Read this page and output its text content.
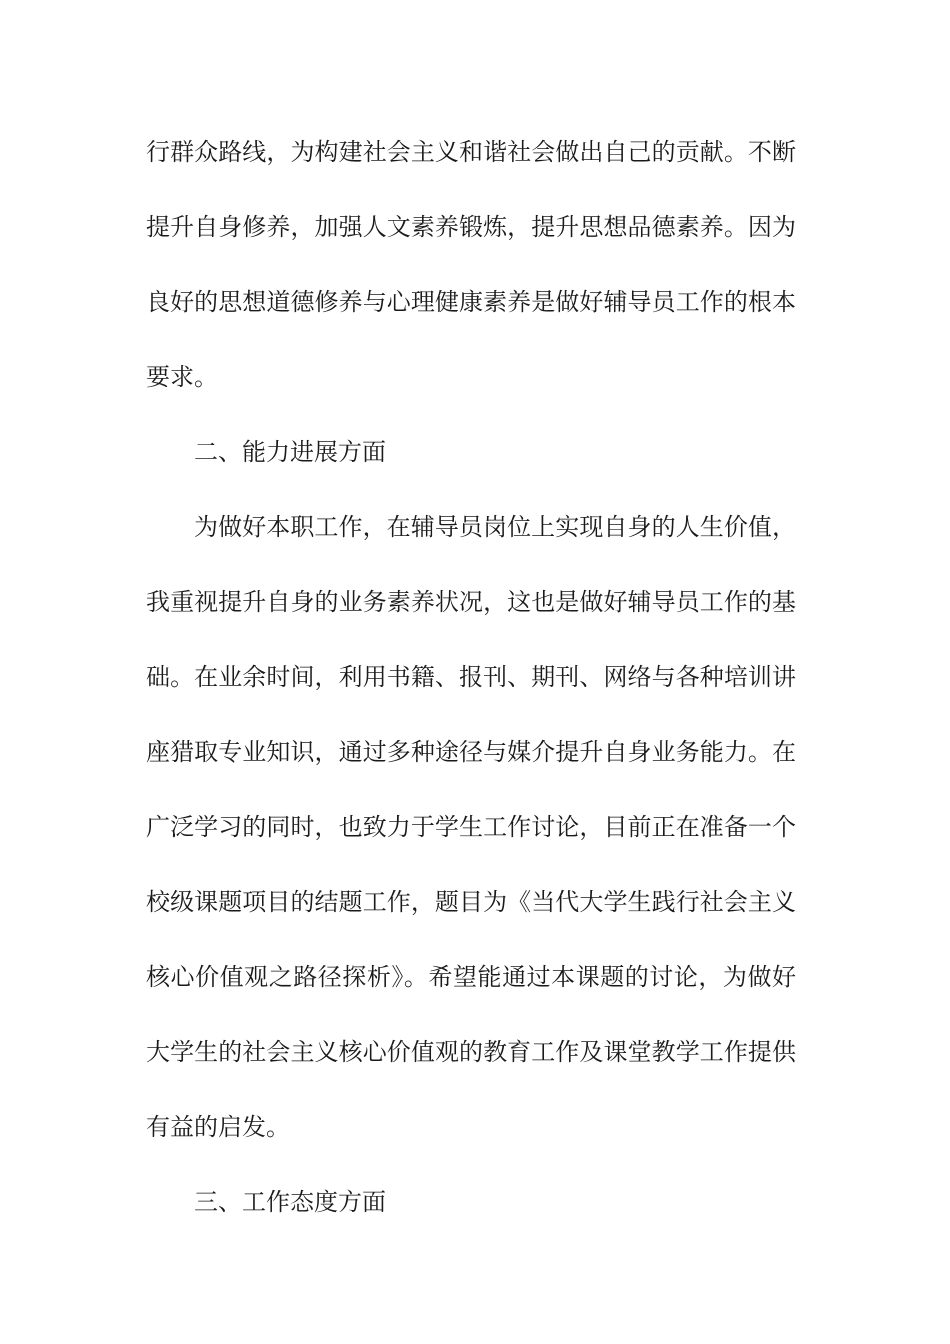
行群众路线，为构建社会主义和谐社会做出自己的贡献。不断
提升自身修养，加强人文素养锻炼，提升思想品德素养。因为
良好的思想道德修养与心理健康素养是做好辅导员工作的根本
要求。
二、能力进展方面
为做好本职工作，在辅导员岗位上实现自身的人生价值，
我重视提升自身的业务素养状况，这也是做好辅导员工作的基
础。在业余时间，利用书籍、报刊、期刊、网络与各种培训讲
座猎取专业知识，通过多种途径与媒介提升自身业务能力。在
广泛学习的同时，也致力于学生工作讨论，目前正在准备一个
校级课题项目的结题工作，题目为《当代大学生践行社会主义
核心价值观之路径探析》。希望能通过本课题的讨论，为做好
大学生的社会主义核心价值观的教育工作及课堂教学工作提供
有益的启发。
三、工作态度方面
